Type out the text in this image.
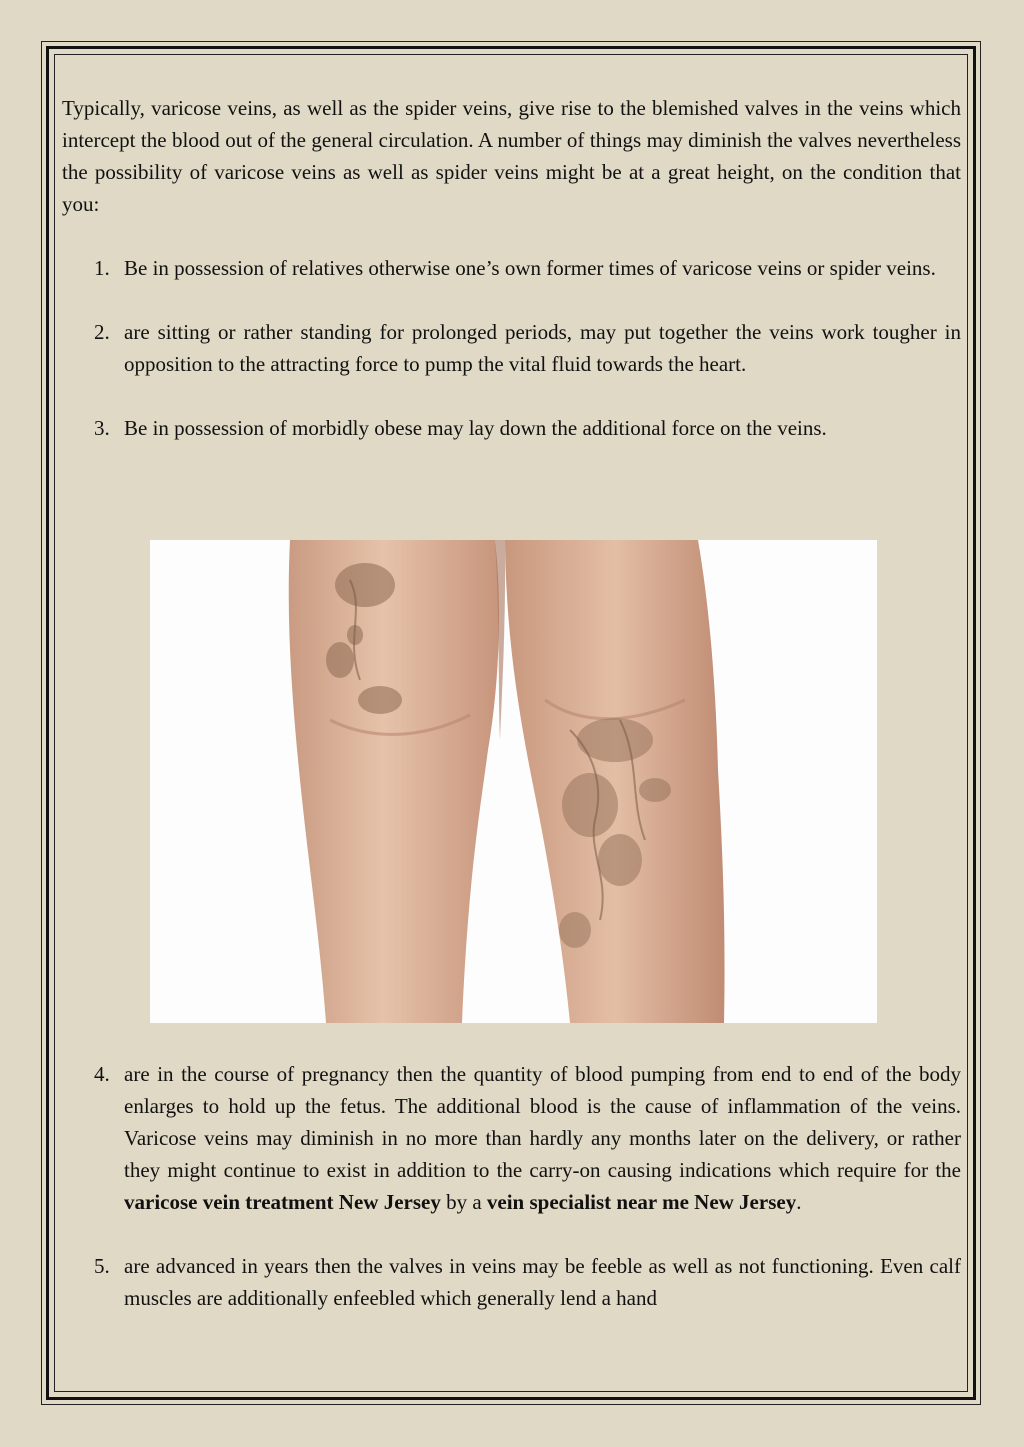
Typically, varicose veins, as well as the spider veins, give rise to the blemished valves in the veins which intercept the blood out of the general circulation. A number of things may diminish the valves nevertheless the possibility of varicose veins as well as spider veins might be at a great height, on the condition that you:

1. Be in possession of relatives otherwise one’s own former times of varicose veins or spider veins.
2. are sitting or rather standing for prolonged periods, may put together the veins work tougher in opposition to the attracting force to pump the vital fluid towards the heart.
3. Be in possession of morbidly obese may lay down the additional force on the veins.
4. are in the course of pregnancy then the quantity of blood pumping from end to end of the body enlarges to hold up the fetus. The additional blood is the cause of inflammation of the veins. Varicose veins may diminish in no more than hardly any months later on the delivery, or rather they might continue to exist in addition to the carry-on causing indications which require for the varicose vein treatment New Jersey by a vein specialist near me New Jersey.
5. are advanced in years then the valves in veins may be feeble as well as not functioning. Even calf muscles are additionally enfeebled which generally lend a hand
